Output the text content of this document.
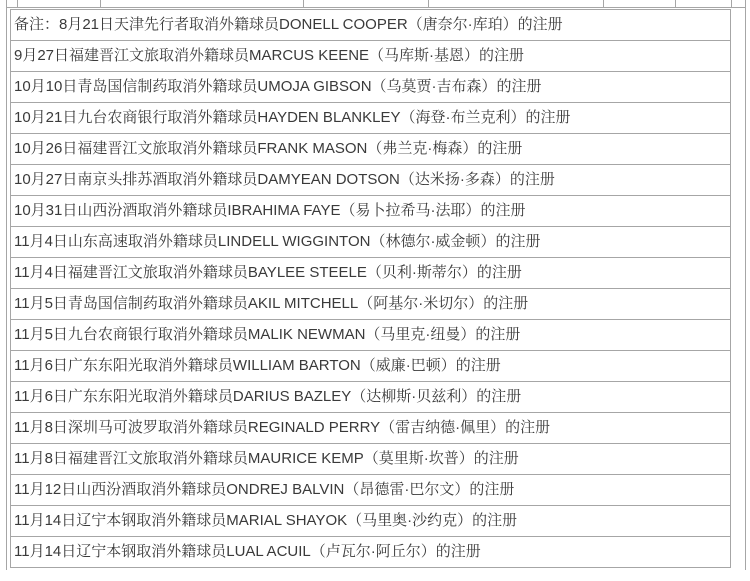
备注：8月21日天津先行者取消外籍球员DONELL COOPER（唐奈尔·库珀）的注册
9月27日福建晋江文旅取消外籍球员MARCUS KEENE（马库斯·基恩）的注册
10月10日青岛国信制药取消外籍球员UMOJA GIBSON（乌莫贾·吉布森）的注册
10月21日九台农商银行取消外籍球员HAYDEN BLANKLEY（海登·布兰克利）的注册
10月26日福建晋江文旅取消外籍球员FRANK MASON（弗兰克·梅森）的注册
10月27日南京头排苏酒取消外籍球员DAMYEAN DOTSON（达米扬·多森）的注册
10月31日山西汾酒取消外籍球员IBRAHIMA FAYE（易卜拉希马·法耶）的注册
11月4日山东高速取消外籍球员LINDELL WIGGINTON（林德尔·威金顿）的注册
11月4日福建晋江文旅取消外籍球员BAYLEE STEELE（贝利·斯蒂尔）的注册
11月5日青岛国信制药取消外籍球员AKIL MITCHELL（阿基尔·米切尔）的注册
11月5日九台农商银行取消外籍球员MALIK NEWMAN（马里克·纽曼）的注册
11月6日广东东阳光取消外籍球员WILLIAM BARTON（威廉·巴顿）的注册
11月6日广东东阳光取消外籍球员DARIUS BAZLEY（达柳斯·贝兹利）的注册
11月8日深圳马可波罗取消外籍球员REGINALD PERRY（雷吉纳德·佩里）的注册
11月8日福建晋江文旅取消外籍球员MAURICE KEMP（莫里斯·坎普）的注册
11月12日山西汾酒取消外籍球员ONDREJ BALVIN（昂德雷·巴尔文）的注册
11月14日辽宁本钢取消外籍球员MARIAL SHAYOK（马里奥·沙约克）的注册
11月14日辽宁本钢取消外籍球员LUAL ACUIL（卢瓦尔·阿丘尔）的注册
